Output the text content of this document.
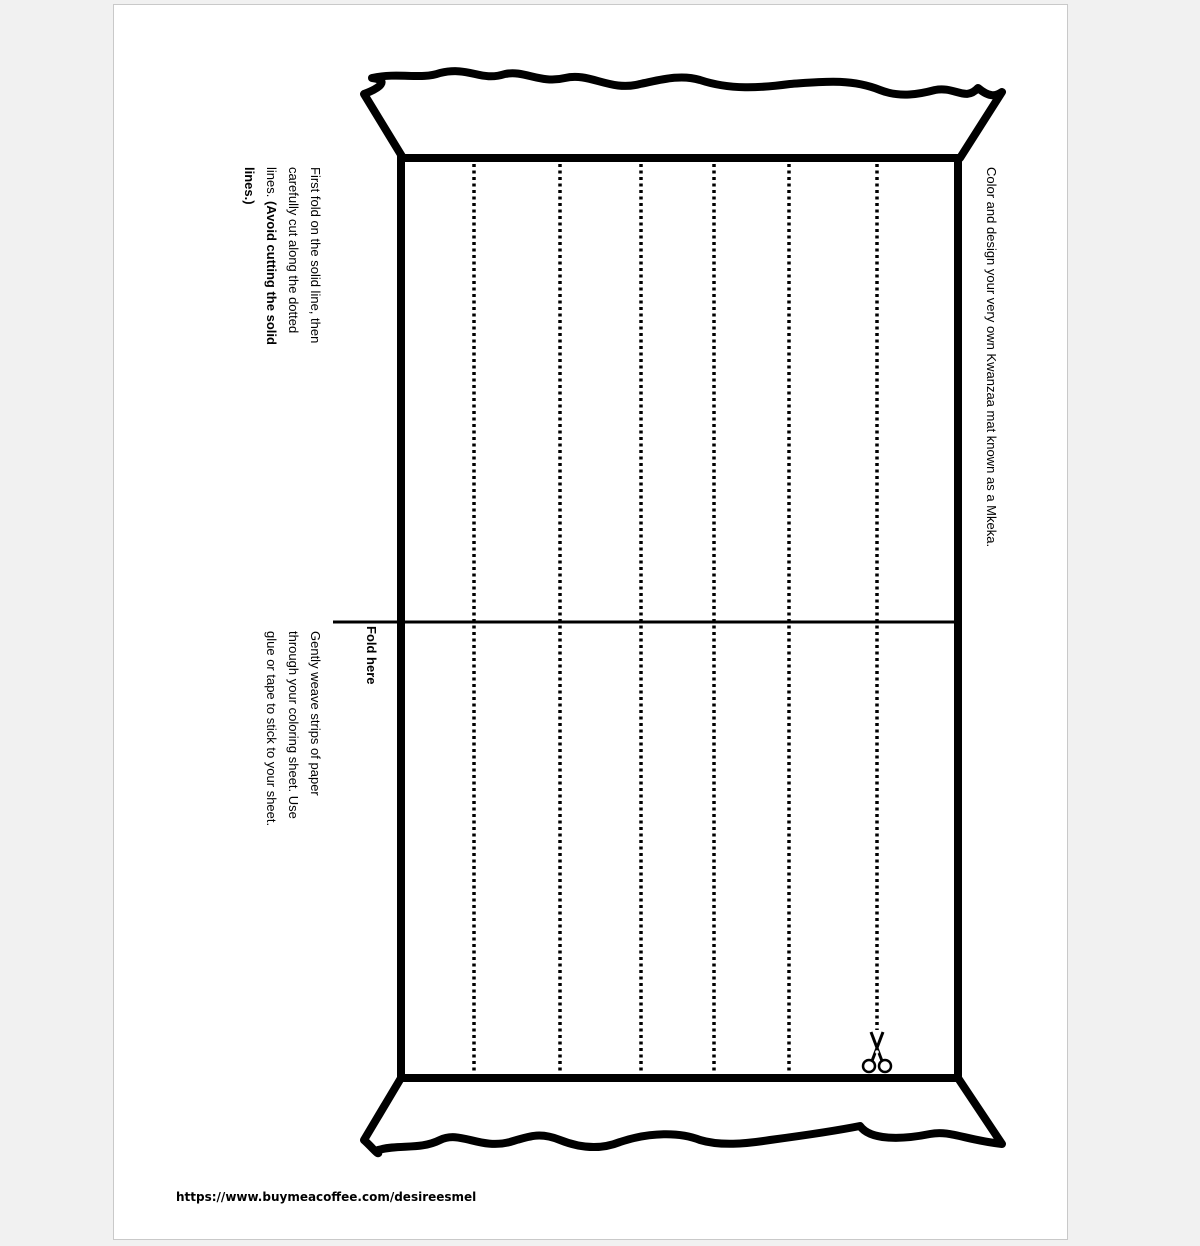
Color and design your very own Kwanzaa mat known as a Mkeka.
First fold on the solid line, then carefully cut along the dotted lines. (Avoid cutting the solid lines.)
Fold here
Gently weave strips of paper through your coloring sheet. Use glue or tape to stick to your sheet.
https://www.buymeacoffee.com/desireesmel
